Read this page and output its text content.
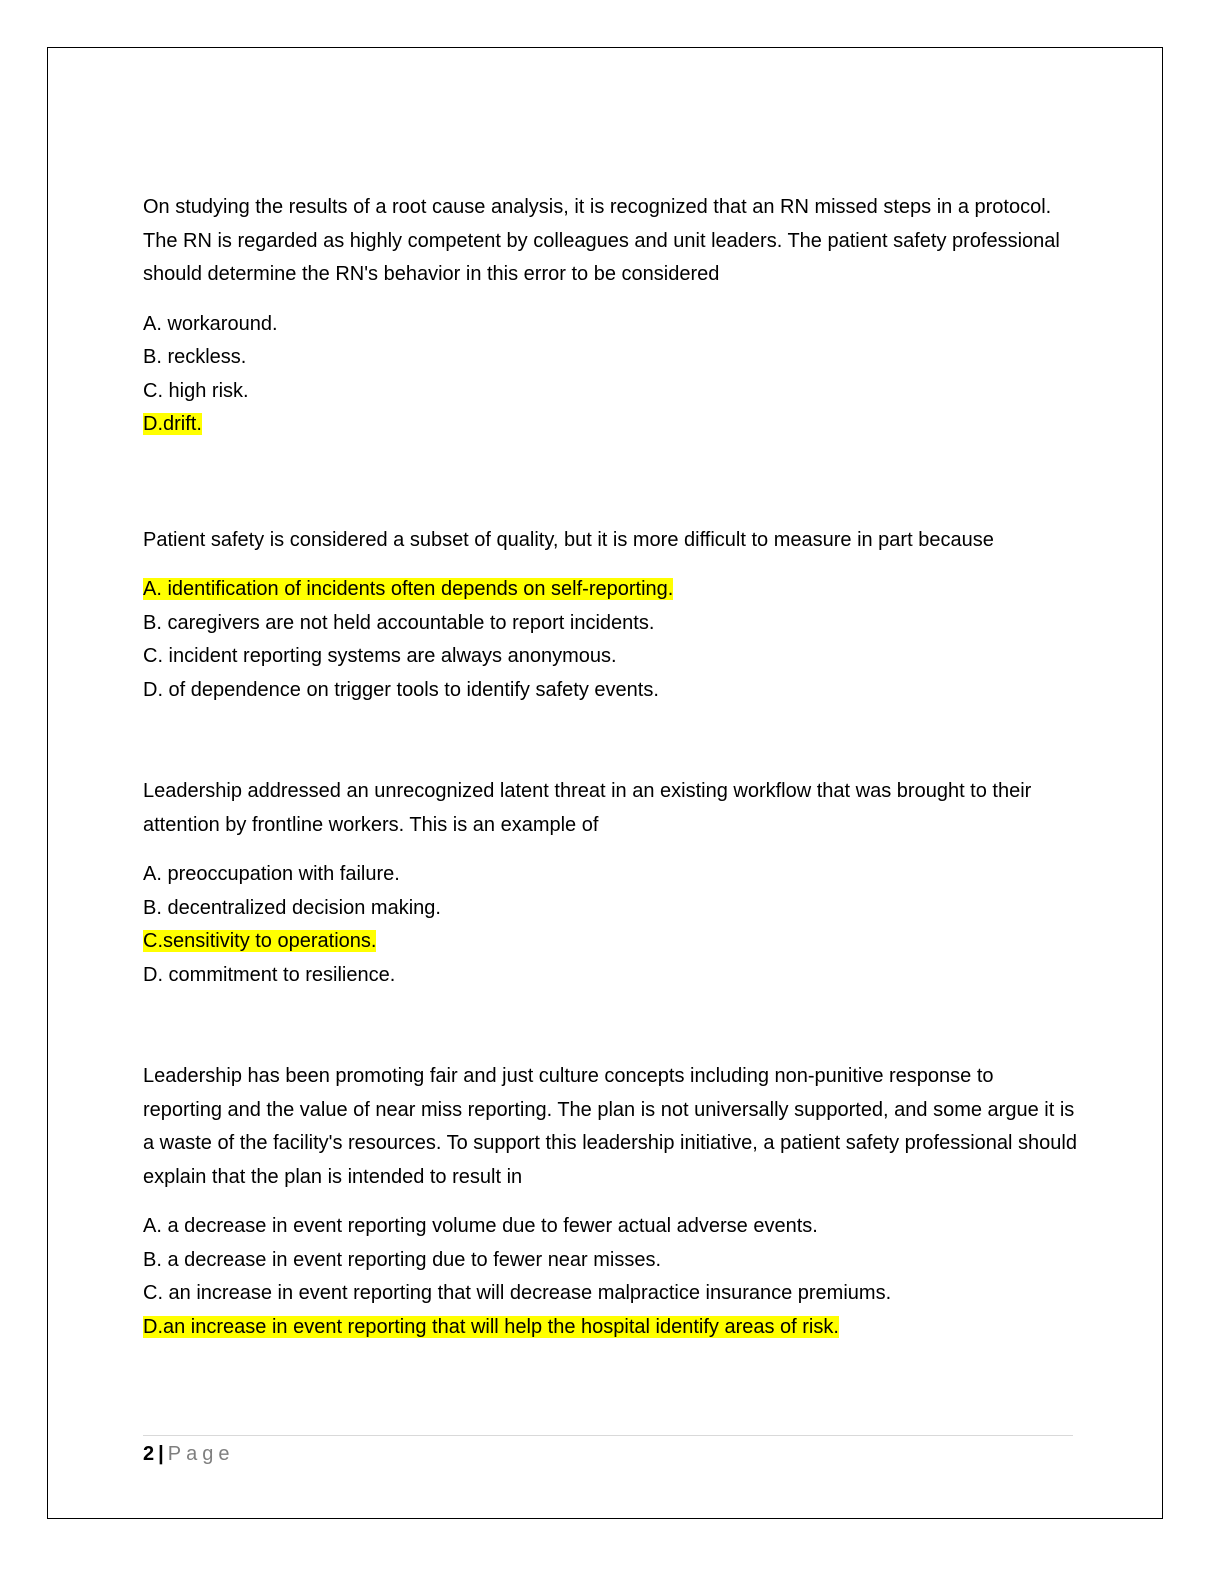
On studying the results of a root cause analysis, it is recognized that an RN missed steps in a protocol. The RN is regarded as highly competent by colleagues and unit leaders. The patient safety professional should determine the RN's behavior in this error to be considered

A. workaround.
B. reckless.
C. high risk.
D.drift.

Patient safety is considered a subset of quality, but it is more difficult to measure in part because

A. identification of incidents often depends on self-reporting.
B. caregivers are not held accountable to report incidents.
C. incident reporting systems are always anonymous.
D. of dependence on trigger tools to identify safety events.

Leadership addressed an unrecognized latent threat in an existing workflow that was brought to their attention by frontline workers. This is an example of

A. preoccupation with failure.
B. decentralized decision making.
C.sensitivity to operations.
D. commitment to resilience.

Leadership has been promoting fair and just culture concepts including non-punitive response to reporting and the value of near miss reporting. The plan is not universally supported, and some argue it is a waste of the facility's resources. To support this leadership initiative, a patient safety professional should explain that the plan is intended to result in

A. a decrease in event reporting volume due to fewer actual adverse events.
B. a decrease in event reporting due to fewer near misses.
C. an increase in event reporting that will decrease malpractice insurance premiums.
D.an increase in event reporting that will help the hospital identify areas of risk.
2 | Page
